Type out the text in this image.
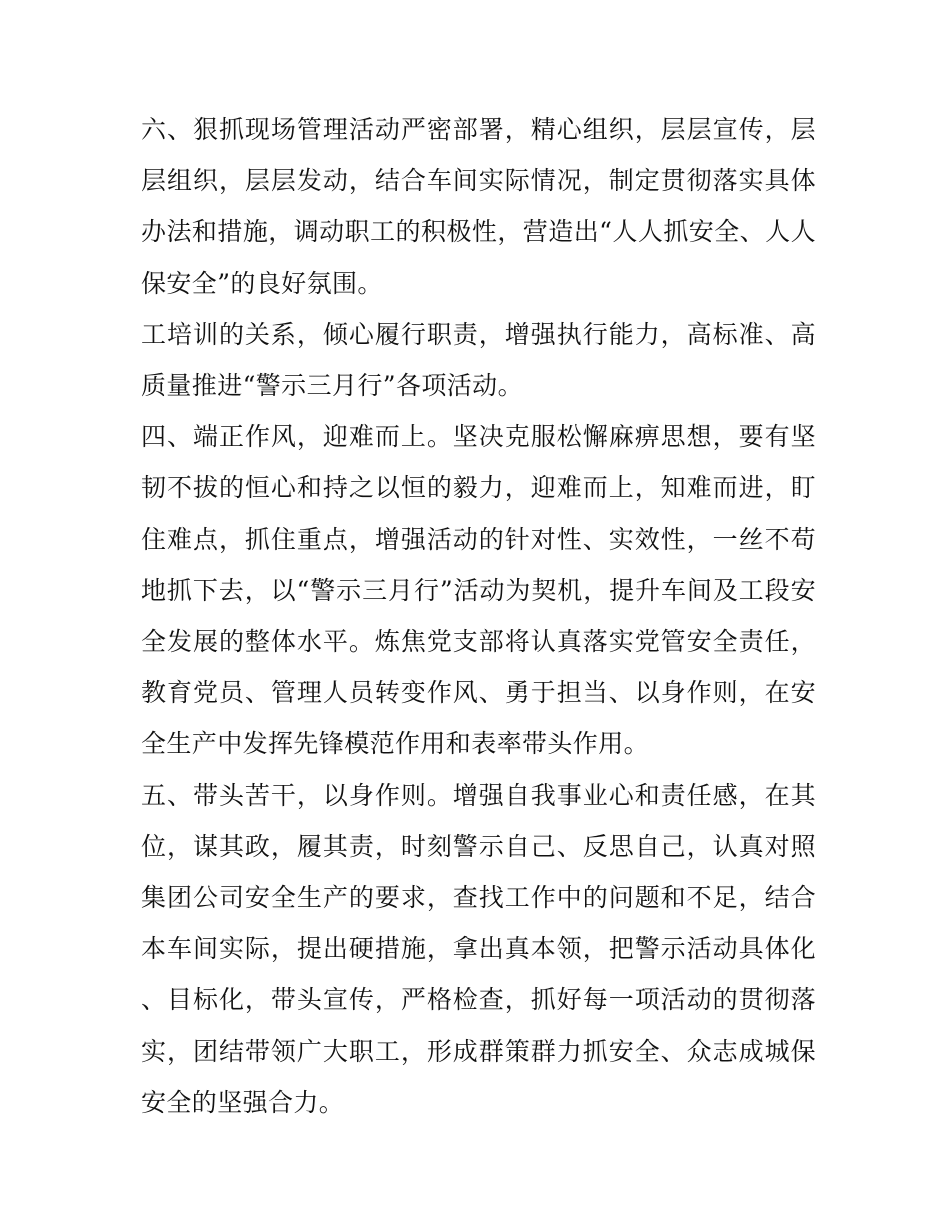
六、狠抓现场管理活动严密部署，精心组织，层层宣传，层层组织，层层发动，结合车间实际情况，制定贯彻落实具体办法和措施，调动职工的积极性，营造出“人人抓安全、人人保安全”的良好氛围。

工培训的关系，倾心履行职责，增强执行能力，高标准、高质量推进“警示三月行”各项活动。

四、端正作风，迎难而上。坚决克服松懈麻痹思想，要有坚韧不拔的恒心和持之以恒的毅力，迎难而上，知难而进，盯住难点，抓住重点，增强活动的针对性、实效性，一丝不苟地抓下去，以“警示三月行”活动为契机，提升车间及工段安全发展的整体水平。炼焦党支部将认真落实党管安全责任，教育党员、管理人员转变作风、勇于担当、以身作则，在安全生产中发挥先锋模范作用和表率带头作用。

五、带头苦干，以身作则。增强自我事业心和责任感，在其位，谋其政，履其责，时刻警示自己、反思自己，认真对照集团公司安全生产的要求，查找工作中的问题和不足，结合本车间实际，提出硬措施，拿出真本领，把警示活动具体化、目标化，带头宣传，严格检查，抓好每一项活动的贯彻落实，团结带领广大职工，形成群策群力抓安全、众志成城保安全的坚强合力。
